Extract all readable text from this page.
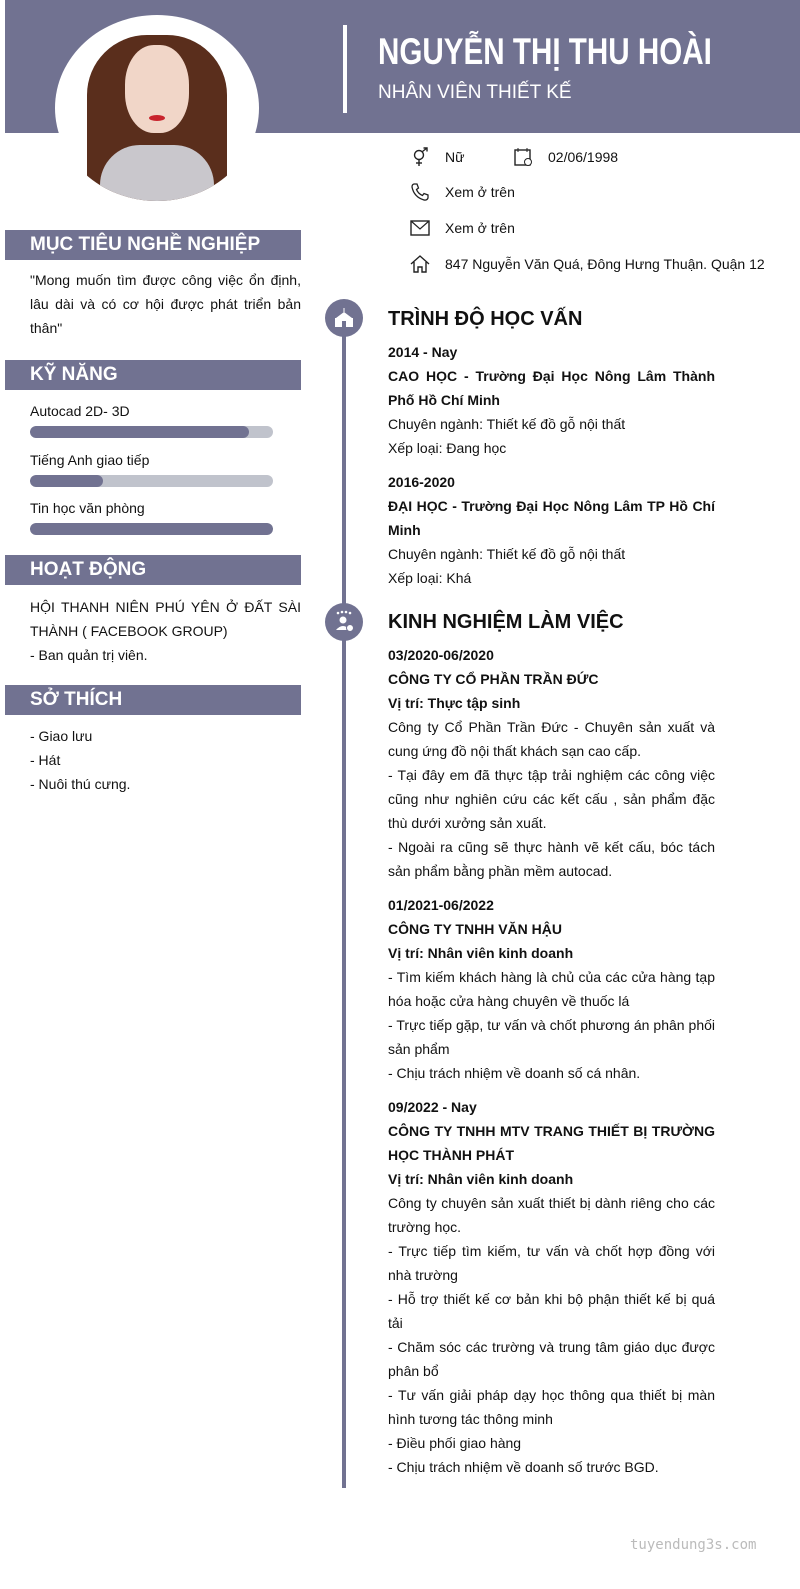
NGUYỄN THỊ THU HOÀI
NHÂN VIÊN THIẾT KẾ
Nữ	02/06/1998
Xem ở trên
Xem ở trên
847 Nguyễn Văn Quá, Đông Hưng Thuận. Quận 12
MỤC TIÊU NGHỀ NGHIỆP
"Mong muốn tìm được công việc ổn định, lâu dài và có cơ hội được phát triển bản thân"
KỸ NĂNG
Autocad 2D- 3D
Tiếng Anh giao tiếp
Tin học văn phòng
HOẠT ĐỘNG
HỘI THANH NIÊN PHÚ YÊN Ở ĐẤT SÀI THÀNH ( FACEBOOK GROUP)
- Ban quản trị viên.
SỞ THÍCH
- Giao lưu
- Hát
- Nuôi thú cưng.
TRÌNH ĐỘ HỌC VẤN
2014 - Nay
CAO HỌC - Trường Đại Học Nông Lâm Thành Phố Hồ Chí Minh
Chuyên ngành: Thiết kế đồ gỗ nội thất
Xếp loại: Đang học
2016-2020
ĐẠI HỌC - Trường Đại Học Nông Lâm TP Hồ Chí Minh
Chuyên ngành: Thiết kế đồ gỗ nội thất
Xếp loại: Khá
KINH NGHIỆM LÀM VIỆC
03/2020-06/2020
CÔNG TY CỔ PHẦN TRẦN ĐỨC
Vị trí: Thực tập sinh
Công ty Cổ Phần Trần Đức - Chuyên sản xuất và cung ứng đồ nội thất khách sạn cao cấp.
- Tại đây em đã thực tập trải nghiệm các công việc cũng như nghiên cứu các kết cấu , sản phẩm đặc thù dưới xưởng sản xuất.
- Ngoài ra cũng sẽ thực hành vẽ kết cấu, bóc tách sản phẩm bằng phần mềm autocad.
01/2021-06/2022
CÔNG TY TNHH VĂN HẬU
Vị trí: Nhân viên kinh doanh
- Tìm kiếm khách hàng là chủ của các cửa hàng tạp hóa hoặc cửa hàng chuyên về thuốc lá
- Trực tiếp gặp, tư vấn và chốt phương án phân phối sản phẩm
- Chịu trách nhiệm về doanh số cá nhân.
09/2022 - Nay
CÔNG TY TNHH MTV TRANG THIẾT BỊ TRƯỜNG HỌC THÀNH PHÁT
Vị trí: Nhân viên kinh doanh
Công ty chuyên sản xuất thiết bị dành riêng cho các trường học.
- Trực tiếp tìm kiếm, tư vấn và chốt hợp đồng với nhà trường
- Hỗ trợ thiết kế cơ bản khi bộ phận thiết kế bị quá tải
- Chăm sóc các trường và trung tâm giáo dục được phân bổ
- Tư vấn giải pháp dạy học thông qua thiết bị màn hình tương tác thông minh
- Điều phối giao hàng
- Chịu trách nhiệm về doanh số trước BGD.
tuyendung3s.com
